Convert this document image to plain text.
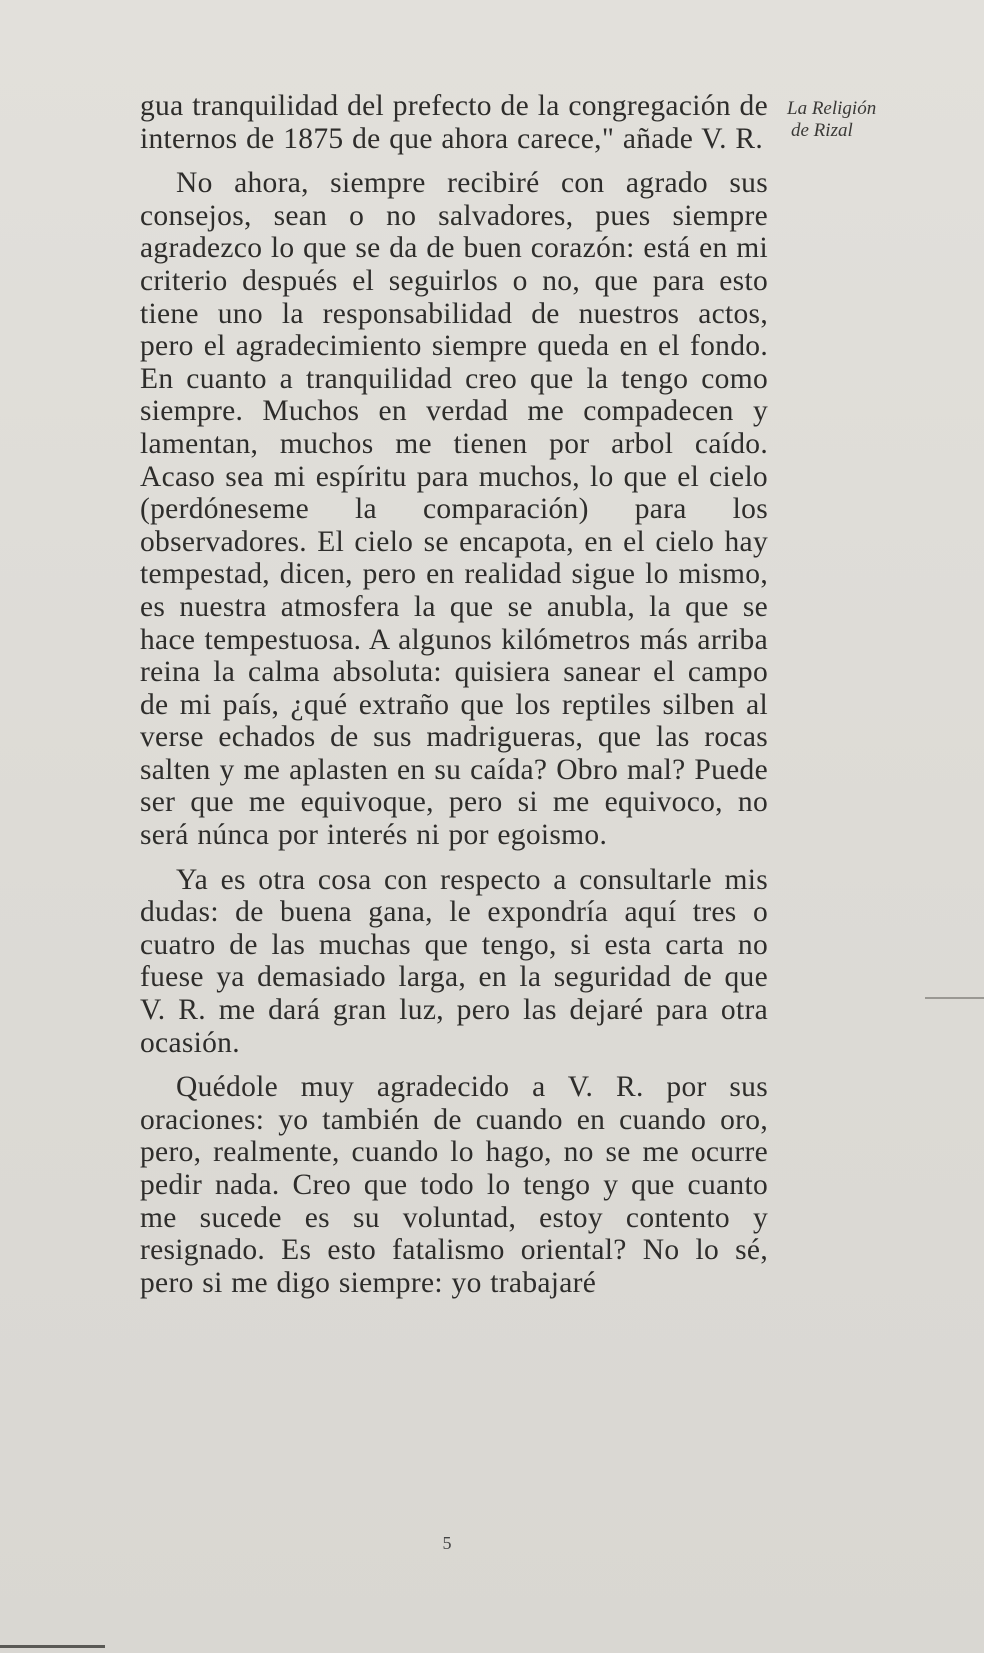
La Religión
de Rizal

gua tranquilidad del prefecto de la congregación de internos de 1875 de que ahora carece," añade V. R.

No ahora, siempre recibiré con agrado sus consejos, sean o no salvadores, pues siempre agradezco lo que se da de buen corazón: está en mi criterio después el seguirlos o no, que para esto tiene uno la responsabilidad de nuestros actos, pero el agradecimiento siempre queda en el fondo. En cuanto a tranquilidad creo que la tengo como siempre. Muchos en verdad me compadecen y lamentan, muchos me tienen por arbol caído. Acaso sea mi espíritu para muchos, lo que el cielo (perdóneseme la comparación) para los observadores. El cielo se encapota, en el cielo hay tempestad, dicen, pero en realidad sigue lo mismo, es nuestra atmosfera la que se anubla, la que se hace tempestuosa. A algunos kilómetros más arriba reina la calma absoluta: quisiera sanear el campo de mi país, ¿qué extraño que los reptiles silben al verse echados de sus madrigueras, que las rocas salten y me aplasten en su caída? Obro mal? Puede ser que me equivoque, pero si me equivoco, no será núnca por interés ni por egoismo.

Ya es otra cosa con respecto a consultarle mis dudas: de buena gana, le expondría aquí tres o cuatro de las muchas que tengo, si esta carta no fuese ya demasiado larga, en la seguridad de que V. R. me dará gran luz, pero las dejaré para otra ocasión.

Quédole muy agradecido a V. R. por sus oraciones: yo también de cuando en cuando oro, pero, realmente, cuando lo hago, no se me ocurre pedir nada. Creo que todo lo tengo y que cuanto me sucede es su voluntad, estoy contento y resignado. Es esto fatalismo oriental? No lo sé, pero si me digo siempre: yo trabajaré

5
